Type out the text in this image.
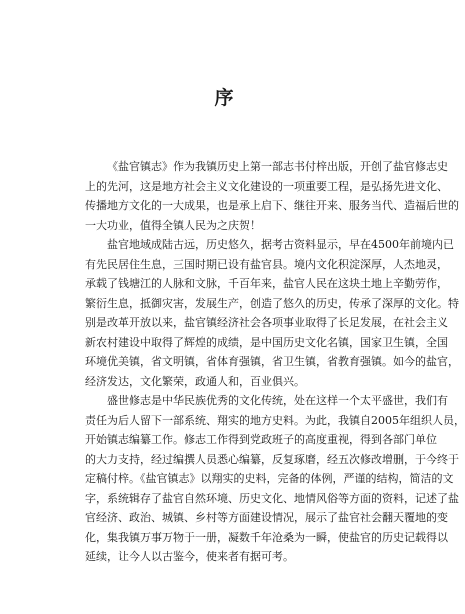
序
《盐官镇志》作为我镇历史上第一部志书付梓出版，开创了盐官修志史
上的先河，这是地方社会主义文化建设的一项重要工程，是弘扬先进文化、
传播地方文化的一大成果，也是承上启下、继往开来、服务当代、造福后世的
一大功业，值得全镇人民为之庆贺！
盐官地域成陆古远，历史悠久，据考古资料显示，早在4500年前境内已
有先民居住生息，三国时期已设有盐官县。境内文化积淀深厚，人杰地灵，
承载了钱塘江的人脉和文脉，千百年来，盐官人民在这块土地上辛勤劳作，
繁衍生息，抵御灾害，发展生产，创造了悠久的历史，传承了深厚的文化。特
别是改革开放以来，盐官镇经济社会各项事业取得了长足发展，在社会主义
新农村建设中取得了辉煌的成绩，是中国历史文化名镇，国家卫生镇，全国
环境优美镇，省文明镇，省体育强镇，省卫生镇，省教育强镇。如今的盐官，
经济发达，文化繁荣，政通人和，百业俱兴。
盛世修志是中华民族优秀的文化传统，处在这样一个太平盛世，我们有
责任为后人留下一部系统、翔实的地方史料。为此，我镇自2005年组织人员，
开始镇志编纂工作。修志工作得到党政班子的高度重视，得到各部门单位
的大力支持，经过编撰人员悉心编纂，反复琢磨，经五次修改增删，于今终于
定稿付梓。《盐官镇志》以翔实的史料，完备的体例，严谨的结构，简洁的文
字，系统辑存了盐官自然环境、历史文化、地情风俗等方面的资料，记述了盐
官经济、政治、城镇、乡村等方面建设情况，展示了盐官社会翻天覆地的变
化，集我镇万事万物于一册，凝数千年沧桑为一瞬，使盐官的历史记载得以
延续，让今人以古鉴今，使来者有据可考。
